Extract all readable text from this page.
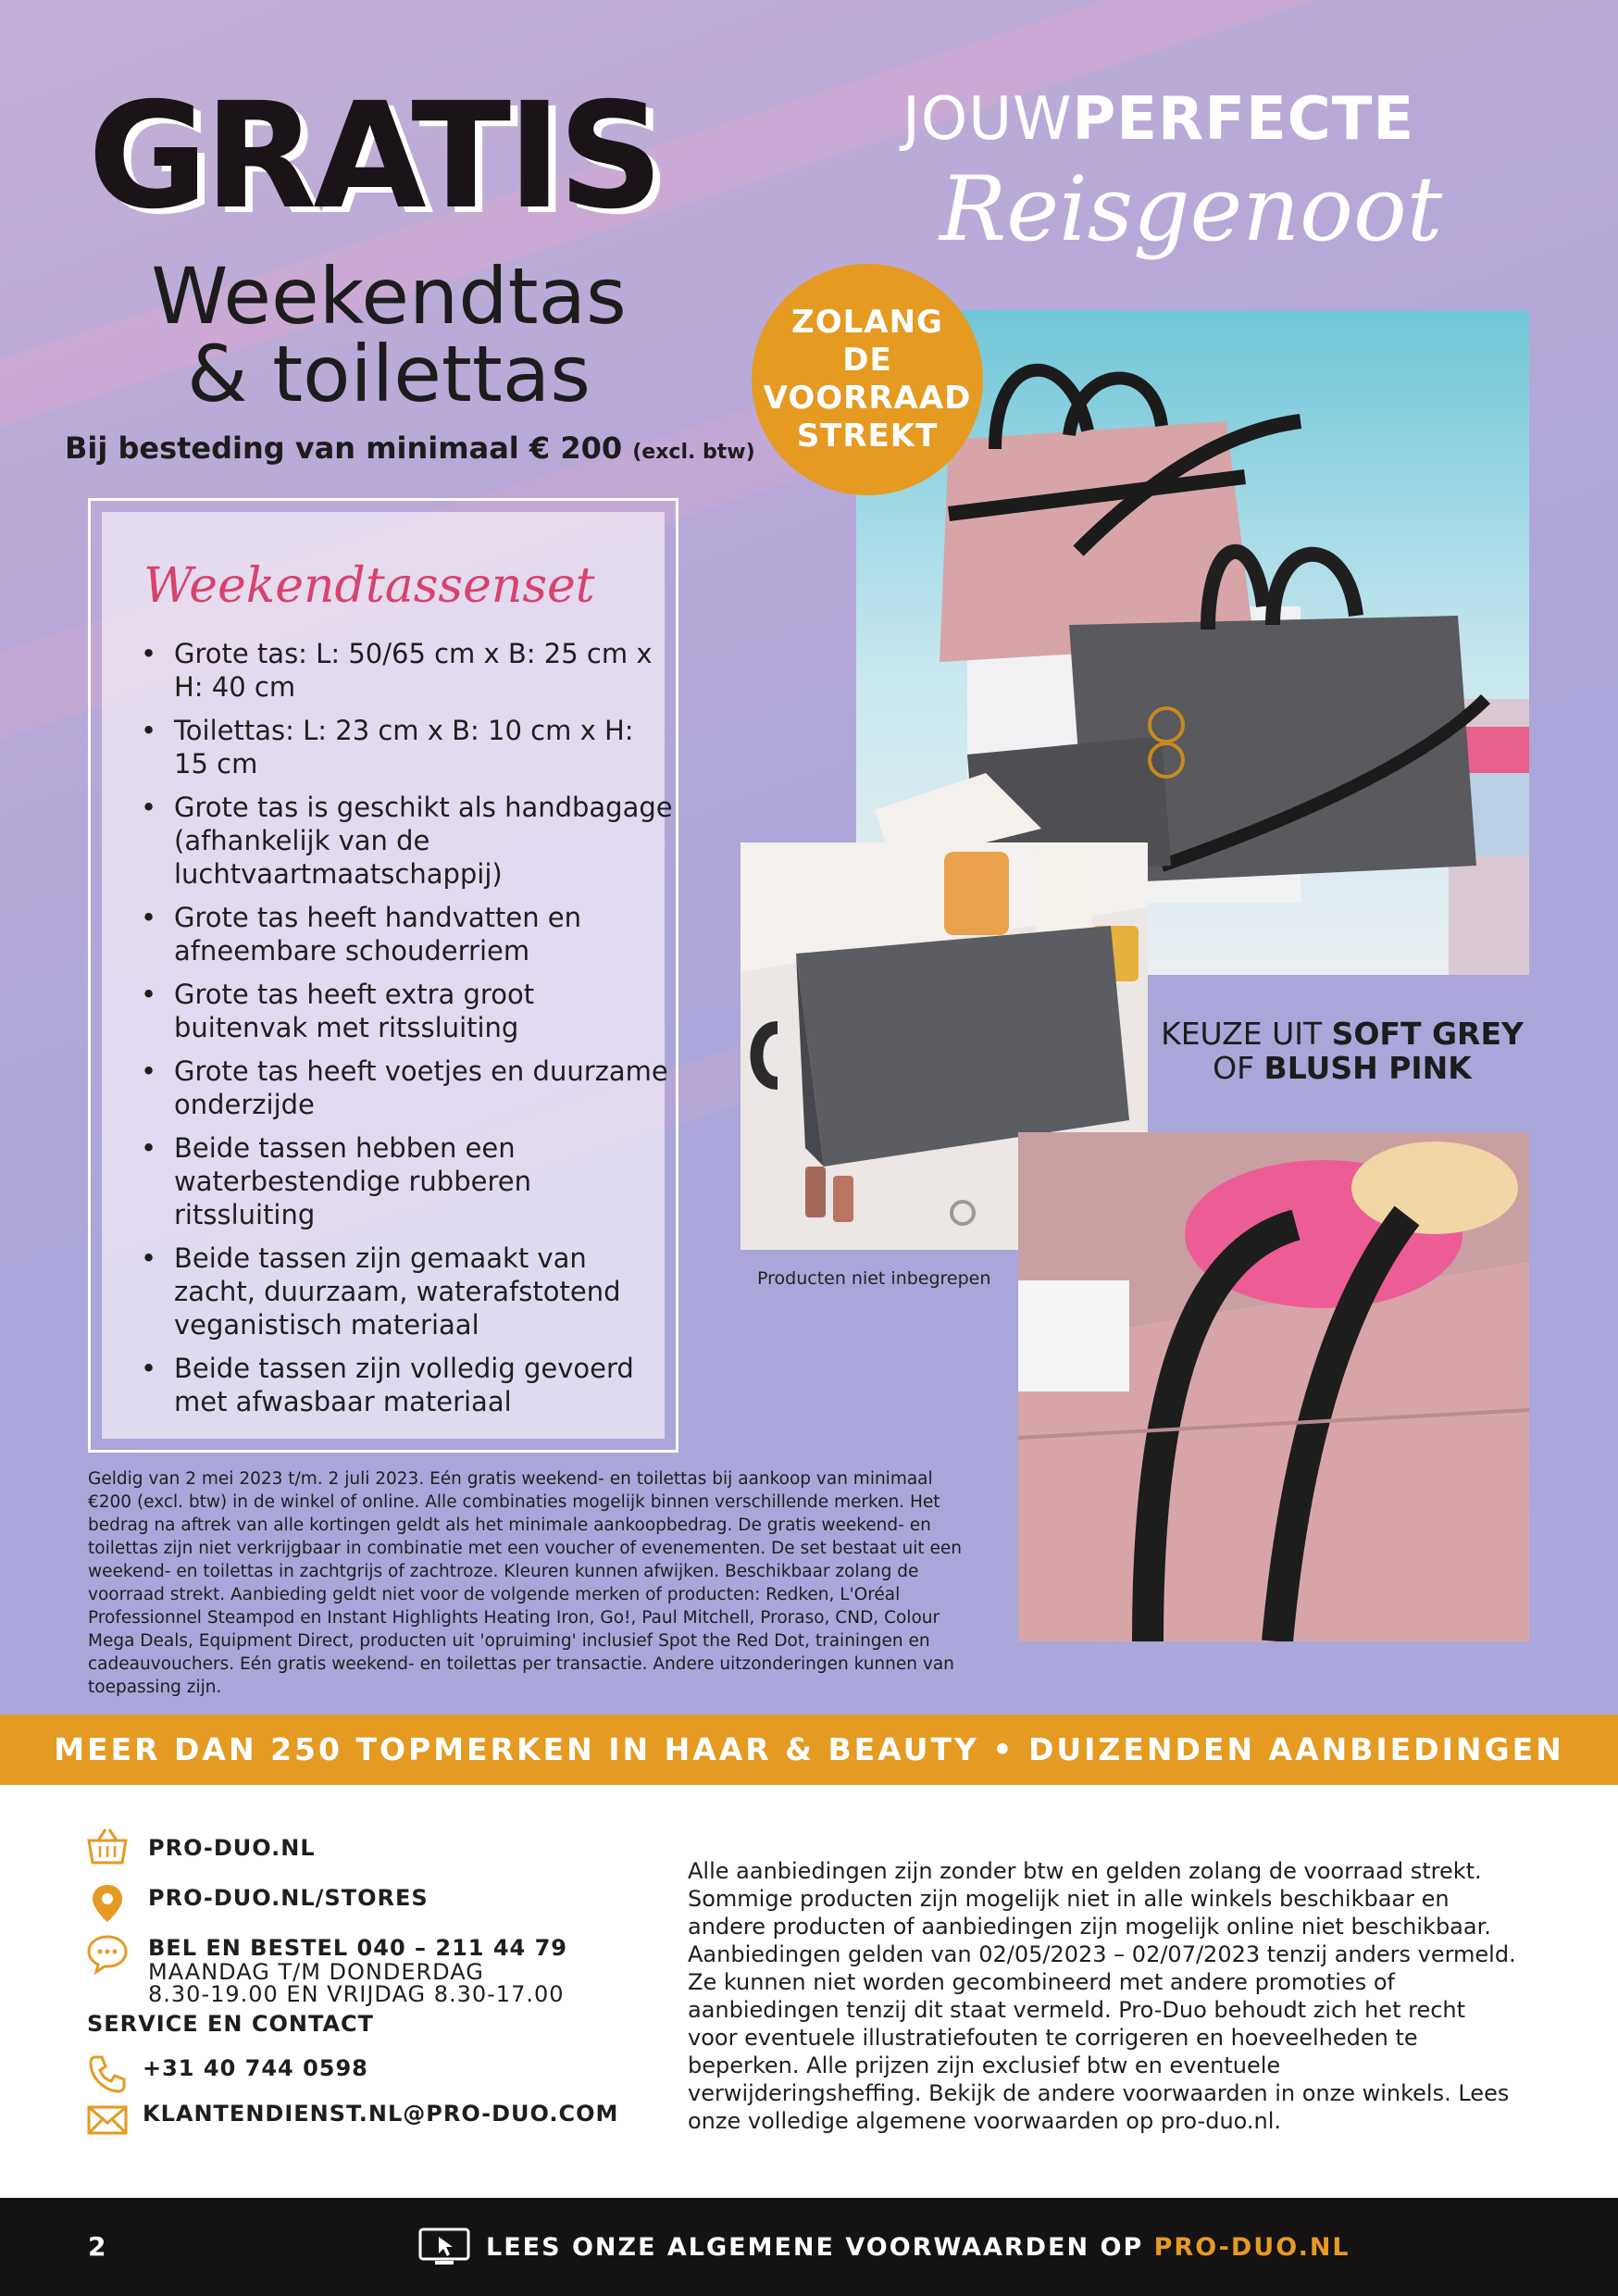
GRATIS
Weekendtas
& toilettas
Bij besteding van minimaal € 200 (excl. btw)
JOUWPERFECTE
Reisgenoot
ZOLANG
DE
VOORRAAD
STREKT
Weekendtassenset
• Grote tas: L: 50/65 cm x B: 25 cm x H: 40 cm
• Toilettas: L: 23 cm x B: 10 cm x H: 15 cm
• Grote tas is geschikt als handbagage (afhankelijk van de luchtvaartmaatschappij)
• Grote tas heeft handvatten en afneembare schouderriem
• Grote tas heeft extra groot buitenvak met ritssluiting
• Grote tas heeft voetjes en duurzame onderzijde
• Beide tassen hebben een waterbestendige rubberen ritssluiting
• Beide tassen zijn gemaakt van zacht, duurzaam, waterafstotend veganistisch materiaal
• Beide tassen zijn volledig gevoerd met afwasbaar materiaal
Producten niet inbegrepen
KEUZE UIT SOFT GREY OF BLUSH PINK
Geldig van 2 mei 2023 t/m. 2 juli 2023. Eén gratis weekend- en toilettas bij aankoop van minimaal €200 (excl. btw) in de winkel of online. Alle combinaties mogelijk binnen verschillende merken. Het bedrag na aftrek van alle kortingen geldt als het minimale aankoopbedrag. De gratis weekend- en toilettas zijn niet verkrijgbaar in combinatie met een voucher of evenementen. De set bestaat uit een weekend- en toilettas in zachtgrijs of zachtroze. Kleuren kunnen afwijken. Beschikbaar zolang de voorraad strekt. Aanbieding geldt niet voor de volgende merken of producten: Redken, L'Oréal Professionnel Steampod en Instant Highlights Heating Iron, Go!, Paul Mitchell, Proraso, CND, Colour Mega Deals, Equipment Direct, producten uit 'opruiming' inclusief Spot the Red Dot, trainingen en cadeauvouchers. Eén gratis weekend- en toilettas per transactie. Andere uitzonderingen kunnen van toepassing zijn.
MEER DAN 250 TOPMERKEN IN HAAR & BEAUTY • DUIZENDEN AANBIEDINGEN
PRO-DUO.NL
PRO-DUO.NL/STORES
BEL EN BESTEL 040 – 211 44 79
MAANDAG T/M DONDERDAG
8.30-19.00 EN VRIJDAG 8.30-17.00
SERVICE EN CONTACT
+31 40 744 0598
KLANTENDIENST.NL@PRO-DUO.COM
Alle aanbiedingen zijn zonder btw en gelden zolang de voorraad strekt. Sommige producten zijn mogelijk niet in alle winkels beschikbaar en andere producten of aanbiedingen zijn mogelijk online niet beschikbaar. Aanbiedingen gelden van 02/05/2023 – 02/07/2023 tenzij anders vermeld. Ze kunnen niet worden gecombineerd met andere promoties of aanbiedingen tenzij dit staat vermeld. Pro-Duo behoudt zich het recht voor eventuele illustratiefouten te corrigeren en hoeveelheden te beperken. Alle prijzen zijn exclusief btw en eventuele verwijderingsheffing. Bekijk de andere voorwaarden in onze winkels. Lees onze volledige algemene voorwaarden op pro-duo.nl.
2	LEES ONZE ALGEMENE VOORWAARDEN OP PRO-DUO.NL
